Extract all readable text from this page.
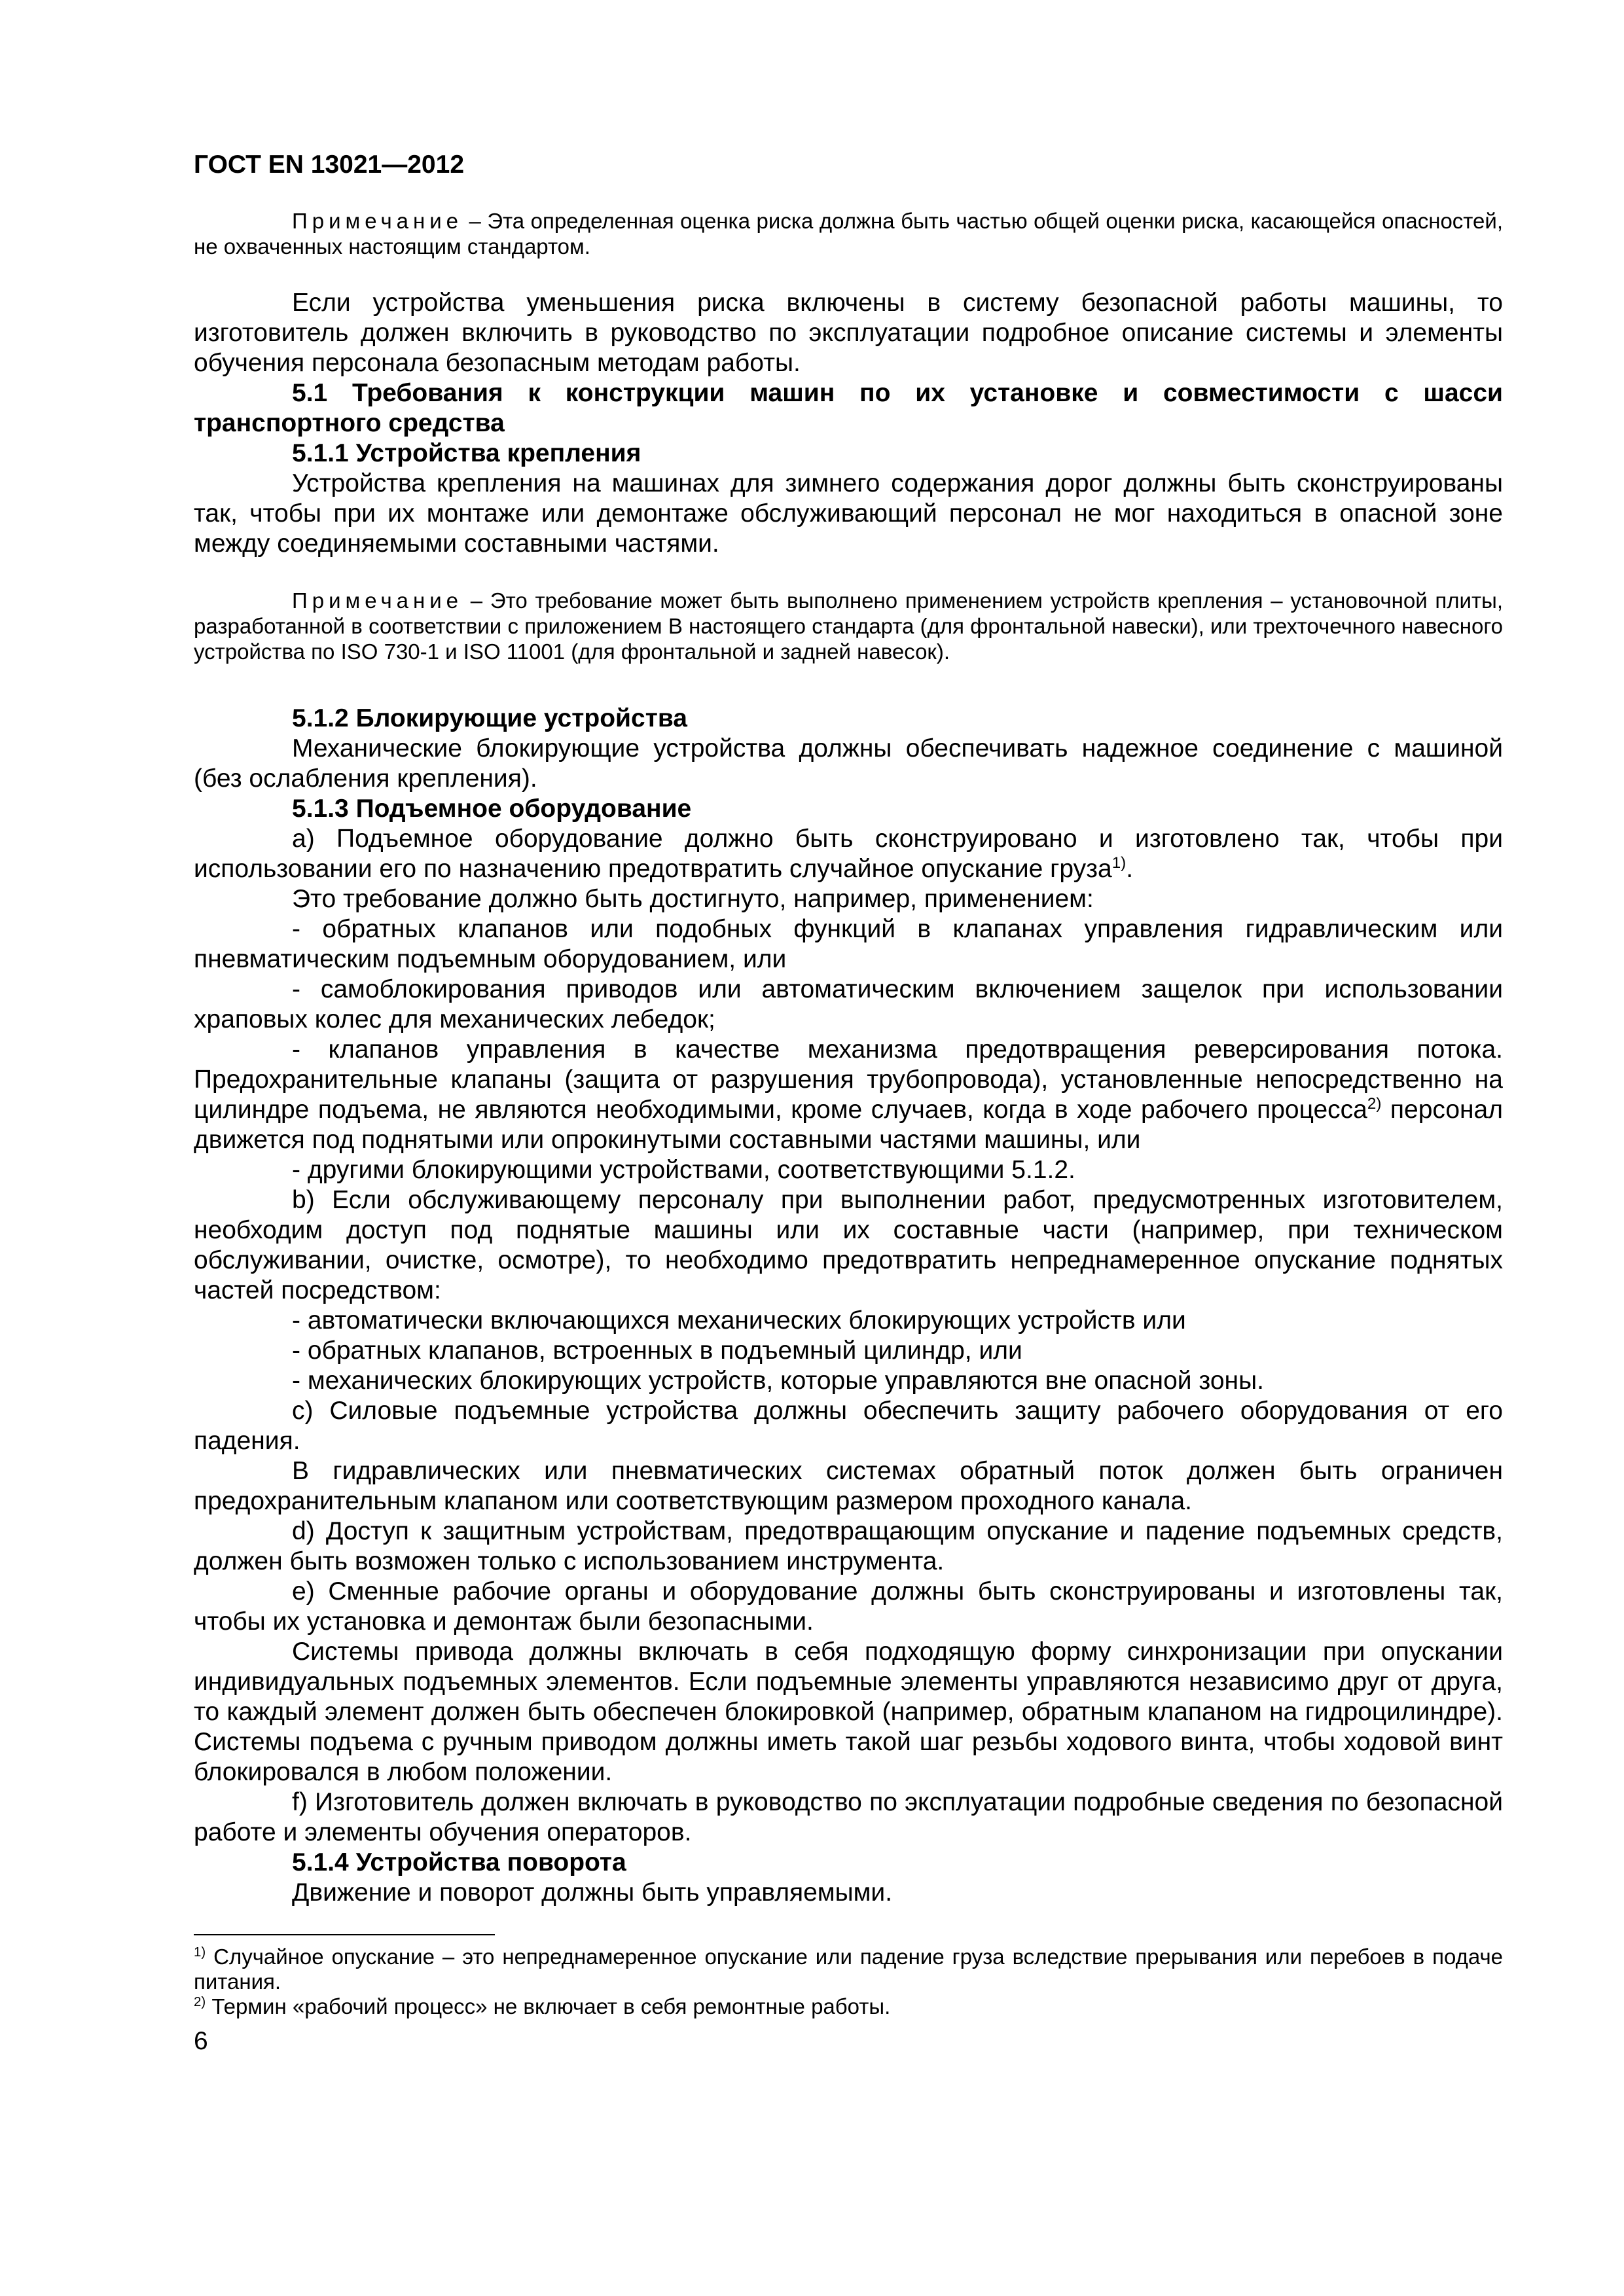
ГОСТ EN 13021—2012

Примечание – Эта определенная оценка риска должна быть частью общей оценки риска, касающейся опасностей, не охваченных настоящим стандартом.

Если устройства уменьшения риска включены в систему безопасной работы машины, то изготовитель должен включить в руководство по эксплуатации подробное описание системы и элементы обучения персонала безопасным методам работы.

5.1 Требования к конструкции машин по их установке и совместимости с шасси транспортного средства

5.1.1 Устройства крепления

Устройства крепления на машинах для зимнего содержания дорог должны быть сконструированы так, чтобы при их монтаже или демонтаже обслуживающий персонал не мог находиться в опасной зоне между соединяемыми составными частями.

Примечание – Это требование может быть выполнено применением устройств крепления – установочной плиты, разработанной в соответствии с приложением В настоящего стандарта (для фронтальной навески), или трехточечного навесного устройства по ISO 730-1 и ISO 11001 (для фронтальной и задней навесок).

5.1.2 Блокирующие устройства

Механические блокирующие устройства должны обеспечивать надежное соединение с машиной (без ослабления крепления).

5.1.3 Подъемное оборудование

а) Подъемное оборудование должно быть сконструировано и изготовлено так, чтобы при использовании его по назначению предотвратить случайное опускание груза$^{1)}$.

Это требование должно быть достигнуто, например, применением:

- обратных клапанов или подобных функций в клапанах управления гидравлическим или пневматическим подъемным оборудованием, или

- самоблокирования приводов или автоматическим включением защелок при использовании храповых колес для механических лебедок;

- клапанов управления в качестве механизма предотвращения реверсирования потока. Предохранительные клапаны (защита от разрушения трубопровода), установленные непосредственно на цилиндре подъема, не являются необходимыми, кроме случаев, когда в ходе рабочего процесса$^{2)}$ персонал движется под поднятыми или опрокинутыми составными частями машины, или

- другими блокирующими устройствами, соответствующими 5.1.2.

b) Если обслуживающему персоналу при выполнении работ, предусмотренных изготовителем, необходим доступ под поднятые машины или их составные части (например, при техническом обслуживании, очистке, осмотре), то необходимо предотвратить непреднамеренное опускание поднятых частей посредством:

- автоматически включающихся механических блокирующих устройств или

- обратных клапанов, встроенных в подъемный цилиндр, или

- механических блокирующих устройств, которые управляются вне опасной зоны.

с) Силовые подъемные устройства должны обеспечить защиту рабочего оборудования от его падения.

В гидравлических или пневматических системах обратный поток должен быть ограничен предохранительным клапаном или соответствующим размером проходного канала.

d) Доступ к защитным устройствам, предотвращающим опускание и падение подъемных средств, должен быть возможен только с использованием инструмента.

е) Сменные рабочие органы и оборудование должны быть сконструированы и изготовлены так, чтобы их установка и демонтаж были безопасными.

Системы привода должны включать в себя подходящую форму синхронизации при опускании индивидуальных подъемных элементов. Если подъемные элементы управляются независимо друг от друга, то каждый элемент должен быть обеспечен блокировкой (например, обратным клапаном на гидроцилиндре). Системы подъема с ручным приводом должны иметь такой шаг резьбы ходового винта, чтобы ходовой винт блокировался в любом положении.

f) Изготовитель должен включать в руководство по эксплуатации подробные сведения по безопасной работе и элементы обучения операторов.

5.1.4 Устройства поворота

Движение и поворот должны быть управляемыми.

$^{1)}$ Случайное опускание – это непреднамеренное опускание или падение груза вследствие прерывания или перебоев в подаче питания.

$^{2)}$ Термин «рабочий процесс» не включает в себя ремонтные работы.

6
